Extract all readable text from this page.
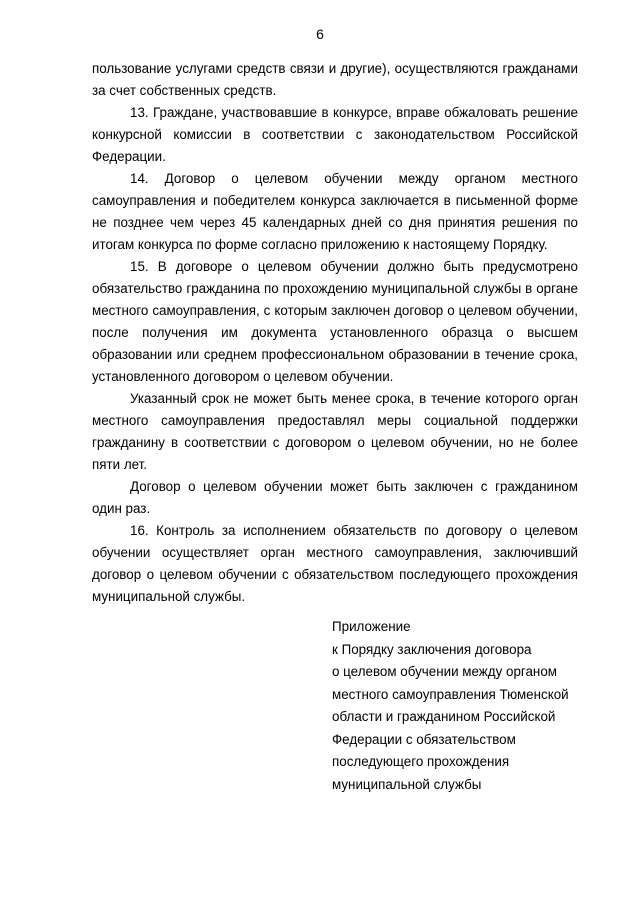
6

пользование услугами средств связи и другие), осуществляются гражданами за счет собственных средств.

13. Граждане, участвовавшие в конкурсе, вправе обжаловать решение конкурсной комиссии в соответствии с законодательством Российской Федерации.

14. Договор о целевом обучении между органом местного самоуправления и победителем конкурса заключается в письменной форме не позднее чем через 45 календарных дней со дня принятия решения по итогам конкурса по форме согласно приложению к настоящему Порядку.

15. В договоре о целевом обучении должно быть предусмотрено обязательство гражданина по прохождению муниципальной службы в органе местного самоуправления, с которым заключен договор о целевом обучении, после получения им документа установленного образца о высшем образовании или среднем профессиональном образовании в течение срока, установленного договором о целевом обучении.

Указанный срок не может быть менее срока, в течение которого орган местного самоуправления предоставлял меры социальной поддержки гражданину в соответствии с договором о целевом обучении, но не более пяти лет.

Договор о целевом обучении может быть заключен с гражданином один раз.

16. Контроль за исполнением обязательств по договору о целевом обучении осуществляет орган местного самоуправления, заключивший договор о целевом обучении с обязательством последующего прохождения муниципальной службы.

Приложение
к Порядку заключения договора
о целевом обучении между органом
местного самоуправления Тюменской
области и гражданином Российской
Федерации с обязательством
последующего прохождения
муниципальной службы
